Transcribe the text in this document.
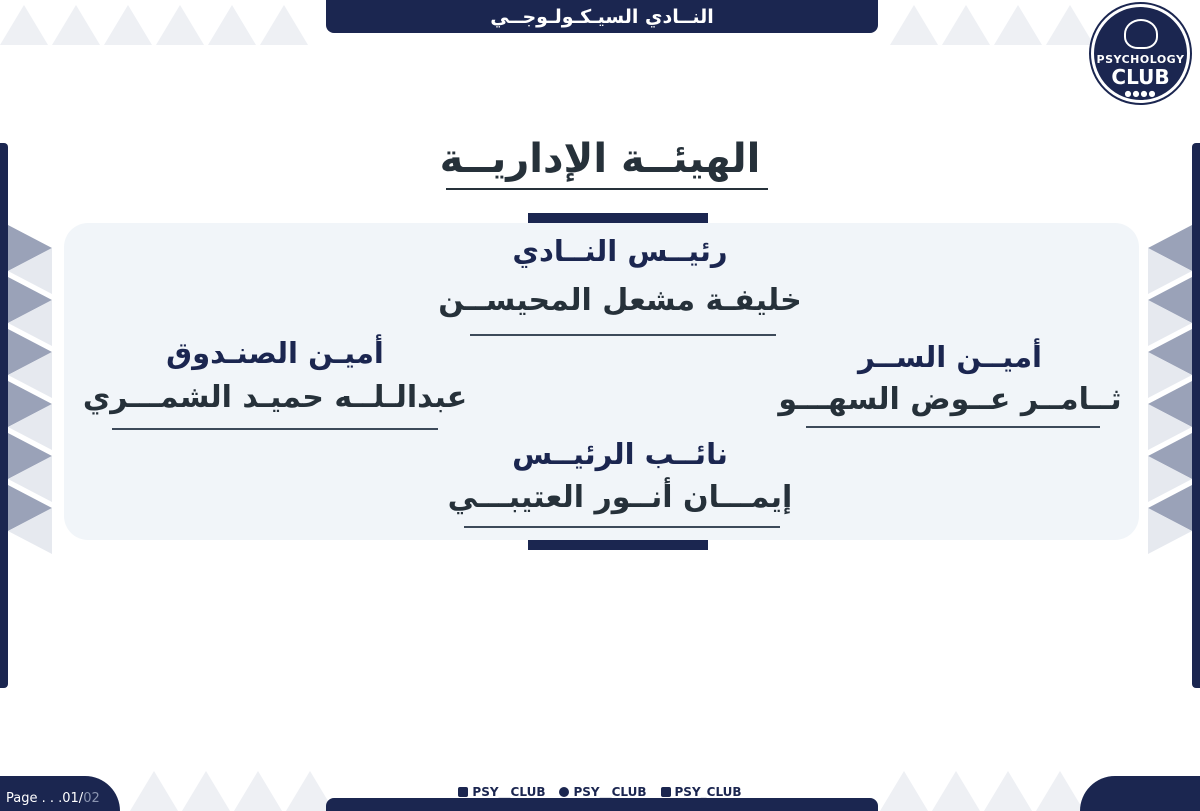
النــادي السيـكـولـوجــي
PSYCHOLOGY
CLUB
●●●●
الهيئــة الإداريــة
رئيــس النــادي
خليفـة مشعل المحيســن
أميـن الصنـدوق
عبدالـلــه حميـد الشمـــري
أميــن الســر
ثــامــر عــوض السهـــو
نائــب الرئيــس
إيمـــان أنــور العتيبـــي
Page . . .01/02	PSY__CLUB	PSY__CLUB	PSY_CLUB
